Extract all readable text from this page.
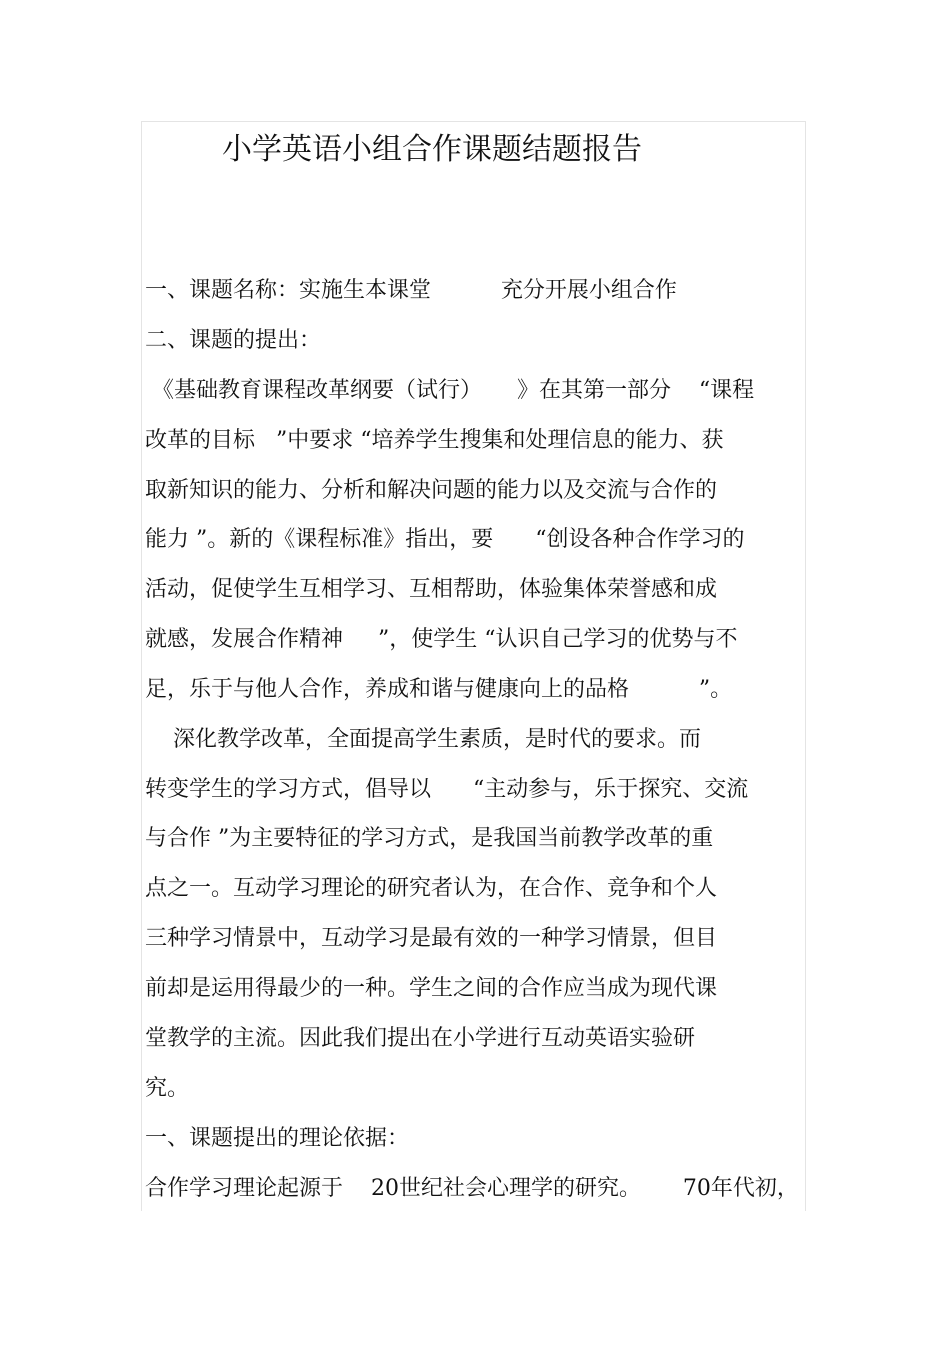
小学英语小组合作课题结题报告
一、课题名称：实施生本课堂          充分开展小组合作
二、课题的提出：
《基础教育课程改革纲要（试行）     》在其第一部分    “课程
改革的目标   ”中要求 “培养学生搜集和处理信息的能力、获
取新知识的能力、分析和解决问题的能力以及交流与合作的
能力 ”。新的《课程标准》指出，要      “创设各种合作学习的
活动，促使学生互相学习、互相帮助，体验集体荣誉感和成
就感，发展合作精神     ”，使学生 “认识自己学习的优势与不
足，乐于与他人合作，养成和谐与健康向上的品格          ”。
深化教学改革，全面提高学生素质，是时代的要求。而
转变学生的学习方式，倡导以      “主动参与，乐于探究、交流
与合作 ”为主要特征的学习方式，是我国当前教学改革的重
点之一。互动学习理论的研究者认为，在合作、竞争和个人
三种学习情景中，互动学习是最有效的一种学习情景，但目
前却是运用得最少的一种。学生之间的合作应当成为现代课
堂教学的主流。因此我们提出在小学进行互动英语实验研
究。
一、课题提出的理论依据：
合作学习理论起源于    20世纪社会心理学的研究。      70年代初，
